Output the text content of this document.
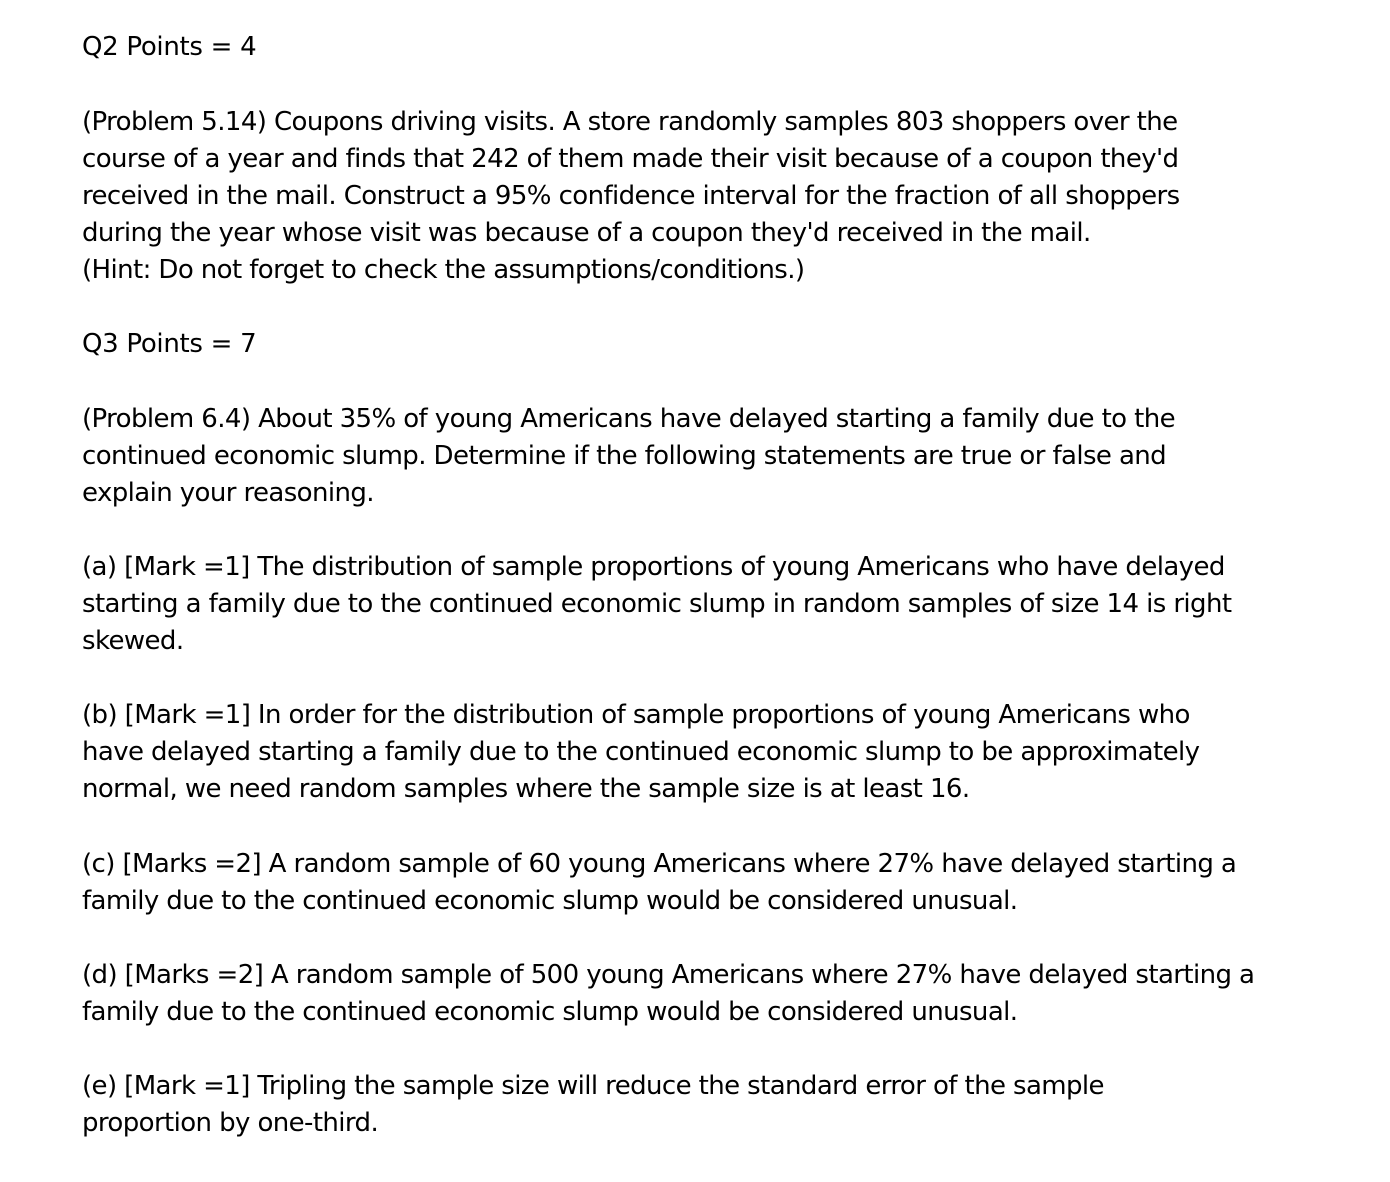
Q2 Points = 4
(Problem 5.14) Coupons driving visits. A store randomly samples 803 shoppers over the
course of a year and finds that 242 of them made their visit because of a coupon they'd
received in the mail. Construct a 95% confidence interval for the fraction of all shoppers
during the year whose visit was because of a coupon they'd received in the mail.
(Hint: Do not forget to check the assumptions/conditions.)
Q3 Points = 7
(Problem 6.4) About 35% of young Americans have delayed starting a family due to the
continued economic slump. Determine if the following statements are true or false and
explain your reasoning.
(a) [Mark =1] The distribution of sample proportions of young Americans who have delayed
starting a family due to the continued economic slump in random samples of size 14 is right
skewed.
(b) [Mark =1] In order for the distribution of sample proportions of young Americans who
have delayed starting a family due to the continued economic slump to be approximately
normal, we need random samples where the sample size is at least 16.
(c) [Marks =2] A random sample of 60 young Americans where 27% have delayed starting a
family due to the continued economic slump would be considered unusual.
(d) [Marks =2] A random sample of 500 young Americans where 27% have delayed starting a
family due to the continued economic slump would be considered unusual.
(e) [Mark =1] Tripling the sample size will reduce the standard error of the sample
proportion by one-third.
